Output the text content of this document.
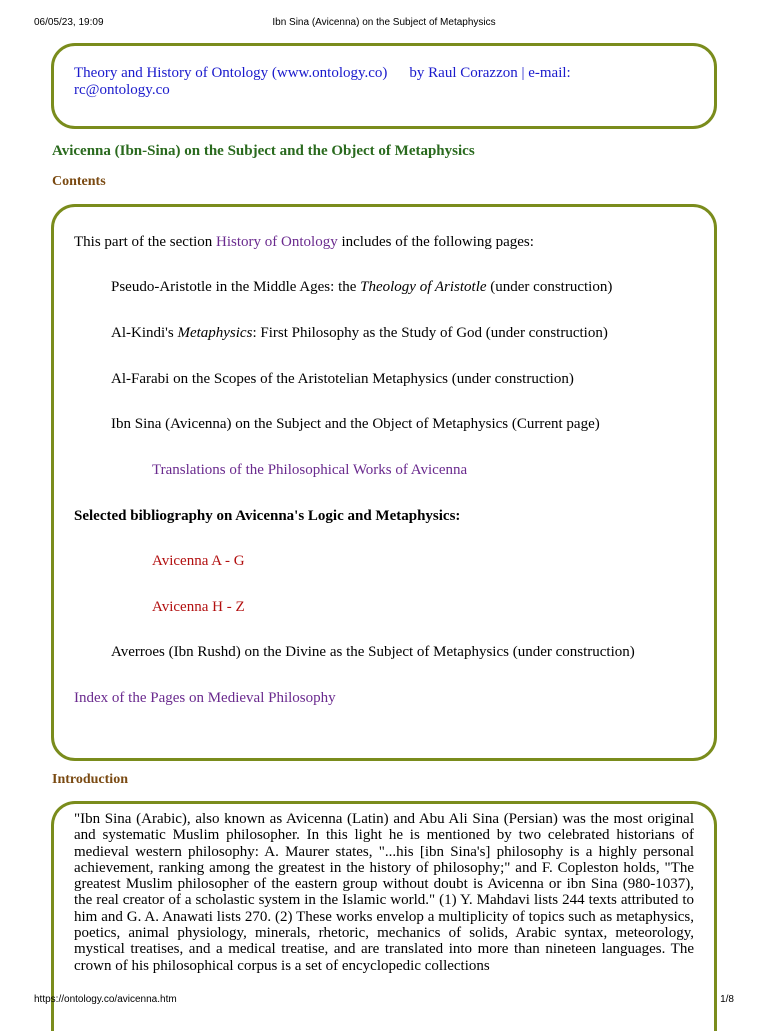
06/05/23, 19:09	Ibn Sina (Avicenna) on the Subject of Metaphysics
Theory and History of Ontology (www.ontology.co) by Raul Corazzon | e-mail:
rc@ontology.co
Avicenna (Ibn-Sina) on the Subject and the Object of Metaphysics
Contents
This part of the section History of Ontology includes of the following pages:
Pseudo-Aristotle in the Middle Ages: the Theology of Aristotle (under construction)
Al-Kindi's Metaphysics: First Philosophy as the Study of God (under construction)
Al-Farabi on the Scopes of the Aristotelian Metaphysics (under construction)
Ibn Sina (Avicenna) on the Subject and the Object of Metaphysics (Current page)
Translations of the Philosophical Works of Avicenna
Selected bibliography on Avicenna's Logic and Metaphysics:
Avicenna A - G
Avicenna H - Z
Averroes (Ibn Rushd) on the Divine as the Subject of Metaphysics (under construction)
Index of the Pages on Medieval Philosophy
Introduction
"Ibn Sina (Arabic), also known as Avicenna (Latin) and Abu Ali Sina (Persian) was the most original and systematic Muslim philosopher. In this light he is mentioned by two celebrated historians of medieval western philosophy: A. Maurer states, "...his [ibn Sina's] philosophy is a highly personal achievement, ranking among the greatest in the history of philosophy;" and F. Copleston holds, "The greatest Muslim philosopher of the eastern group without doubt is Avicenna or ibn Sina (980-1037), the real creator of a scholastic system in the Islamic world." (1) Y. Mahdavi lists 244 texts attributed to him and G. A. Anawati lists 270. (2) These works envelop a multiplicity of topics such as metaphysics, poetics, animal physiology, minerals, rhetoric, mechanics of solids, Arabic syntax, meteorology, mystical treatises, and a medical treatise, and are translated into more than nineteen languages. The crown of his philosophical corpus is a set of encyclopedic collections
https://ontology.co/avicenna.htm	1/8
